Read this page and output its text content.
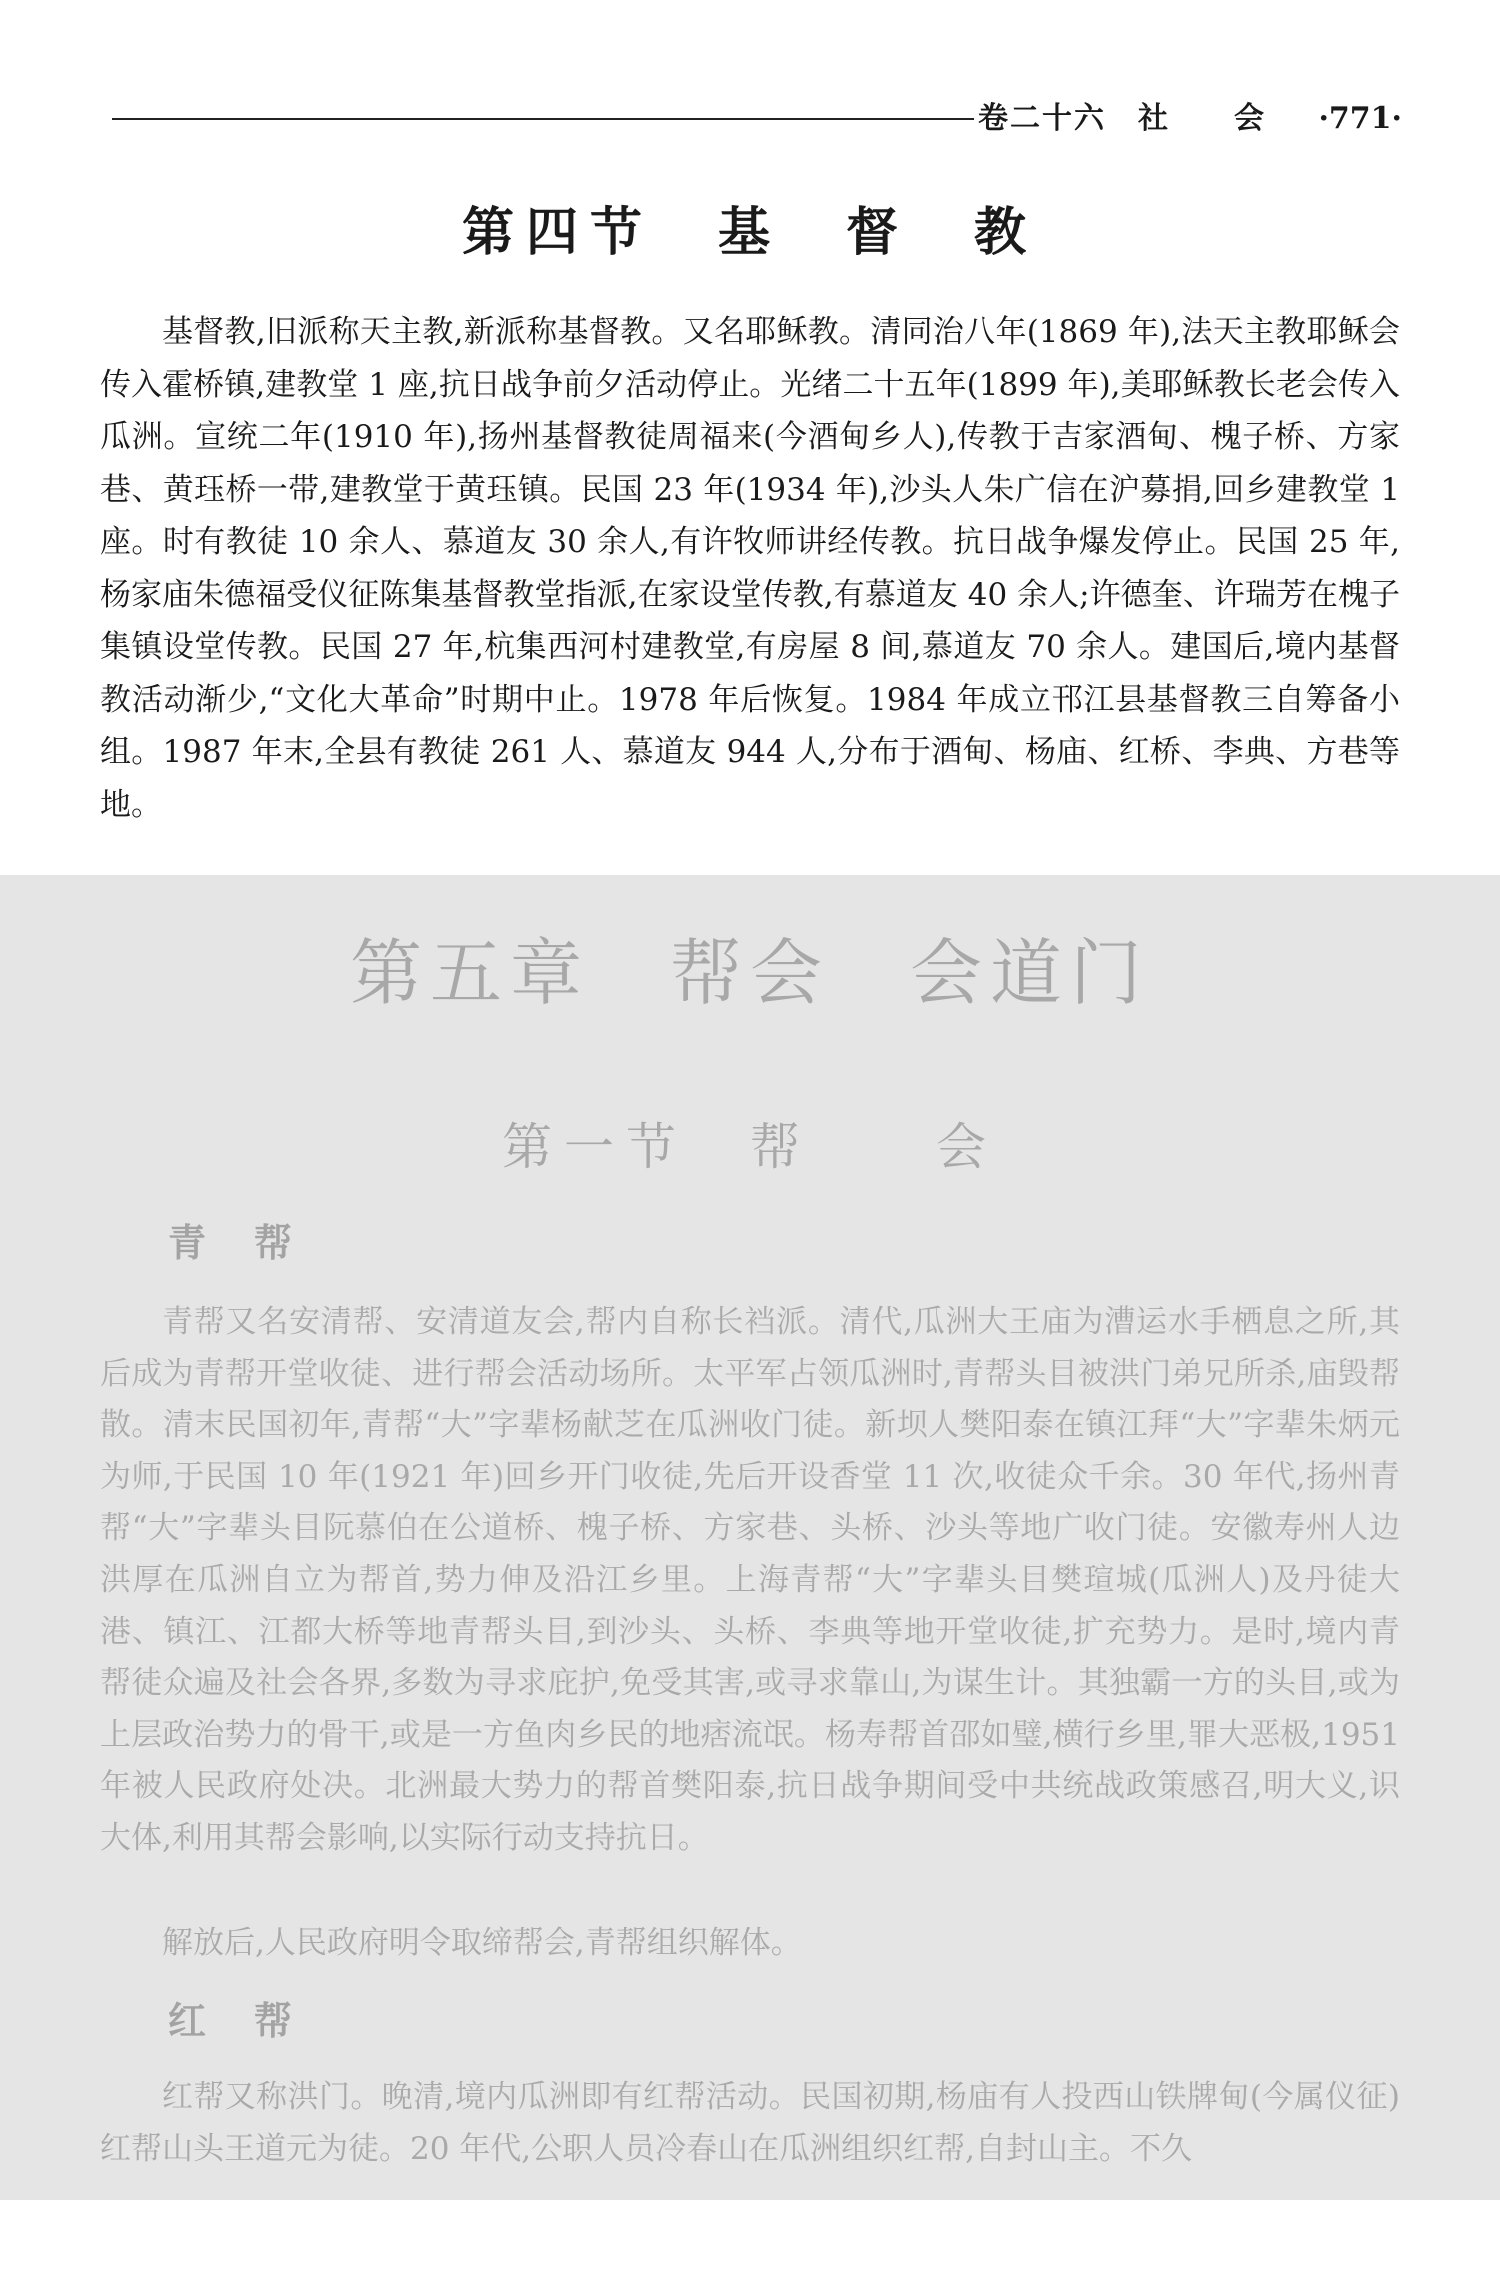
卷二十六　社　　会 ·771·
第四节　基　督　教

基督教,旧派称天主教,新派称基督教。又名耶稣教。清同治八年(1869 年),法天主教耶稣会传入霍桥镇,建教堂 1 座,抗日战争前夕活动停止。光绪二十五年(1899 年),美耶稣教长老会传入瓜洲。宣统二年(1910 年),扬州基督教徒周福来(今酒甸乡人),传教于吉家酒甸、槐子桥、方家巷、黄珏桥一带,建教堂于黄珏镇。民国 23 年(1934 年),沙头人朱广信在沪募捐,回乡建教堂 1 座。时有教徒 10 余人、慕道友 30 余人,有许牧师讲经传教。抗日战争爆发停止。民国 25 年,杨家庙朱德福受仪征陈集基督教堂指派,在家设堂传教,有慕道友 40 余人;许德奎、许瑞芳在槐子集镇设堂传教。民国 27 年,杭集西河村建教堂,有房屋 8 间,慕道友 70 余人。建国后,境内基督教活动渐少,“文化大革命”时期中止。1978 年后恢复。1984 年成立邗江县基督教三自筹备小组。1987 年末,全县有教徒 261 人、慕道友 944 人,分布于酒甸、杨庙、红桥、李典、方巷等地。

第五章　帮会　会道门
第一节　帮　　会
青帮

青帮又名安清帮、安清道友会,帮内自称长裆派。清代,瓜洲大王庙为漕运水手栖息之所,其后成为青帮开堂收徒、进行帮会活动场所。太平军占领瓜洲时,青帮头目被洪门弟兄所杀,庙毁帮散。清末民国初年,青帮“大”字辈杨献芝在瓜洲收门徒。新坝人樊阳泰在镇江拜“大”字辈朱炳元为师,于民国 10 年(1921 年)回乡开门收徒,先后开设香堂 11 次,收徒众千余。30 年代,扬州青帮“大”字辈头目阮慕伯在公道桥、槐子桥、方家巷、头桥、沙头等地广收门徒。安徽寿州人边洪厚在瓜洲自立为帮首,势力伸及沿江乡里。上海青帮“大”字辈头目樊瑄城(瓜洲人)及丹徒大港、镇江、江都大桥等地青帮头目,到沙头、头桥、李典等地开堂收徒,扩充势力。是时,境内青帮徒众遍及社会各界,多数为寻求庇护,免受其害,或寻求靠山,为谋生计。其独霸一方的头目,或为上层政治势力的骨干,或是一方鱼肉乡民的地痞流氓。杨寿帮首邵如璧,横行乡里,罪大恶极,1951 年被人民政府处决。北洲最大势力的帮首樊阳泰,抗日战争期间受中共统战政策感召,明大义,识大体,利用其帮会影响,以实际行动支持抗日。

解放后,人民政府明令取缔帮会,青帮组织解体。

红帮

红帮又称洪门。晚清,境内瓜洲即有红帮活动。民国初期,杨庙有人投西山铁牌甸(今属仪征)红帮山头王道元为徒。20 年代,公职人员冷春山在瓜洲组织红帮,自封山主。不久
